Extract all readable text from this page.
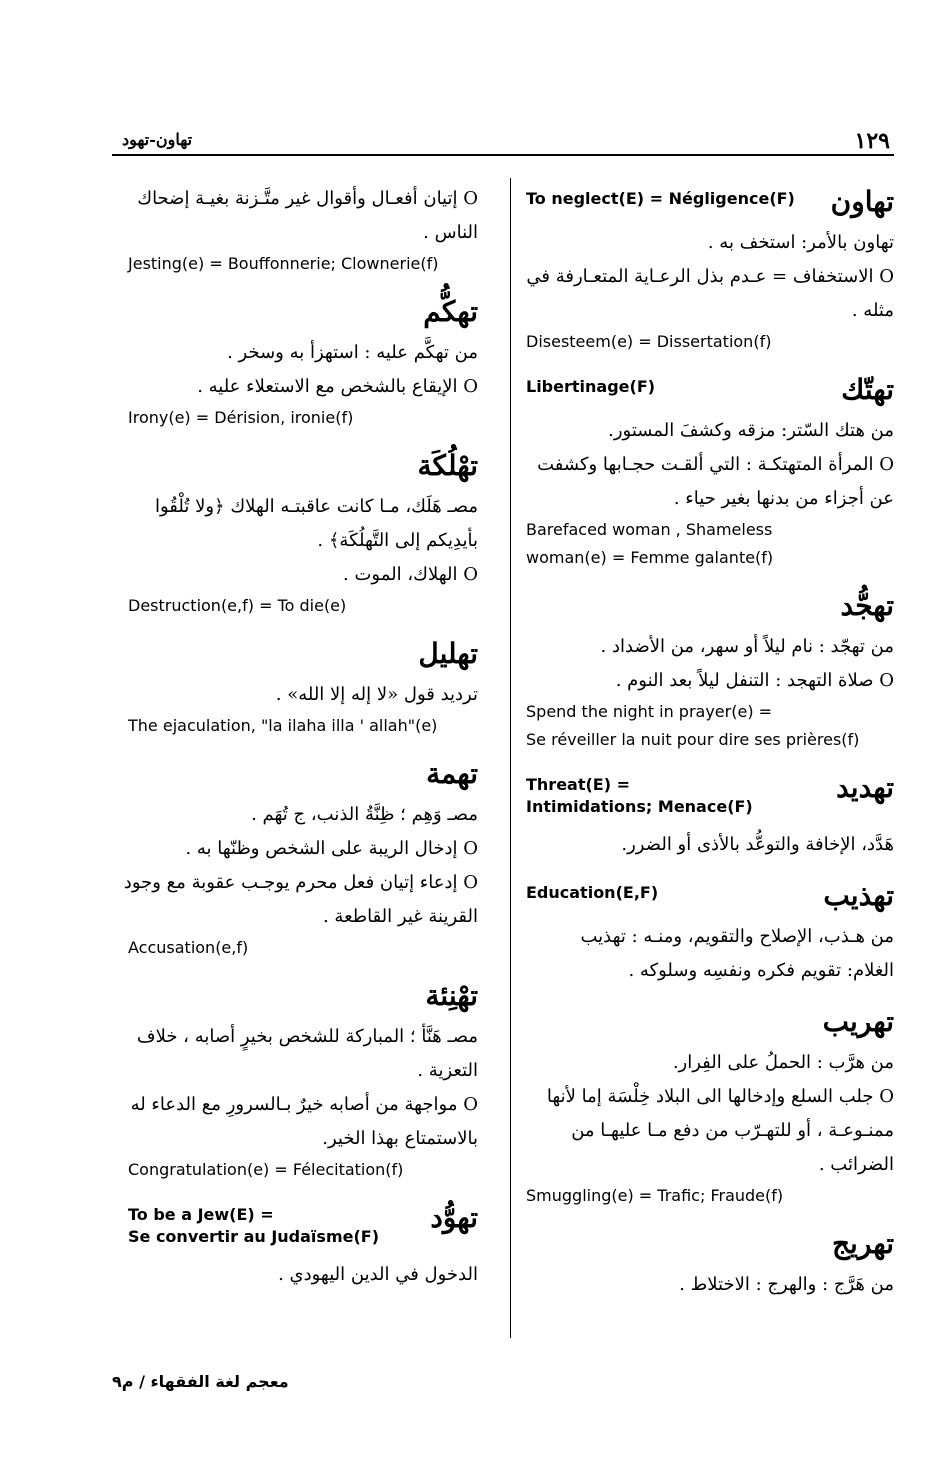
١٢٩
تهاون-تهود
تهاون
To neglect(E) = Négligence(F)
تهاون بالأمر: استخف به .
O الاستخفاف = عـدم بذل الرعـاية المتعـارفة في
مثله .
Disesteem(e) = Dissertation(f)
تهتّك
Libertinage(F)
من هتك السّتر: مزقه وكشفَ المستور.
O المرأة المتهتكـة : التي ألقـت حجـابها وكشفت
عن أجزاء من بدنها بغير حياء .
Barefaced woman , Shameless
woman(e) = Femme galante(f)
تهجُّد
من تهجّد : نام ليلاً أو سهر، من الأضداد .
O صلاة التهجد : التنفل ليلاً بعد النوم .
Spend the night in prayer(e) =
Se réveiller la nuit pour dire ses prières(f)
تهديد
Threat(E) =
Intimidations; Menace(F)
هَدَّد، الإخافة والتوعُّد بالأذى أو الضرر.
تهذيب
Education(E,F)
من هـذب، الإصلاح والتقويم، ومنـه : تهذيب
الغلام: تقويم فكره ونفسِه وسلوكه .
تهريب
من هرَّب : الحملُ على الفِرار.
O جلب السلع وإدخالها الى البلاد خِلْسَة إما لأنها
ممنـوعـة ، أو للتهـرّب من دفع مـا عليهـا من
الضرائب .
Smuggling(e) = Trafic; Fraude(f)
تهريج
من هَرَّج : والهرج : الاختلاط .
O إتيان أفعـال وأقوال غير متَّـزنة بغيـة إضحاك
الناس .
Jesting(e) = Bouffonnerie; Clownerie(f)
تهكُّم
من تهكَّم عليه : استهزأ به وسخر .
O الإيقاع بالشخص مع الاستعلاء عليه .
Irony(e) = Dérision, ironie(f)
تهْلُكَة
مصـ هَلَك، مـا كانت عاقبتـه الهلاك ﴿ولا تُلْقُوا
بأيدِيكم إلى التَّهلُكَة﴾ .
O الهلاك، الموت .
Destruction(e,f) = To die(e)
تهليل
ترديد قول «لا إله إلا الله» .
The ejaculation, "la ilaha illa ' allah"(e)
تهمة
مصـ وَهِم ؛ ظِنَّةُ الذنب، ج تُهَم .
O إدخال الريبة على الشخص وظنّها به .
O إدعاء إتيان فعل محرم يوجـب عقوبة مع وجود
القرينة غير القاطعة .
Accusation(e,f)
تهْنِئة
مصـ هَنَّأ ؛ المباركة للشخص بخيرٍ أصابه ، خلاف
التعزية .
O مواجهة من أصابه خيرٌ بـالسرورِ مع الدعاء له
بالاستمتاع بهذا الخير.
Congratulation(e) = Félecitation(f)
تهوُّد
To be a Jew(E) =
Se convertir au Judaïsme(F)
الدخول في الدين اليهودي .
معجم لغة الفقهاء / م٩
